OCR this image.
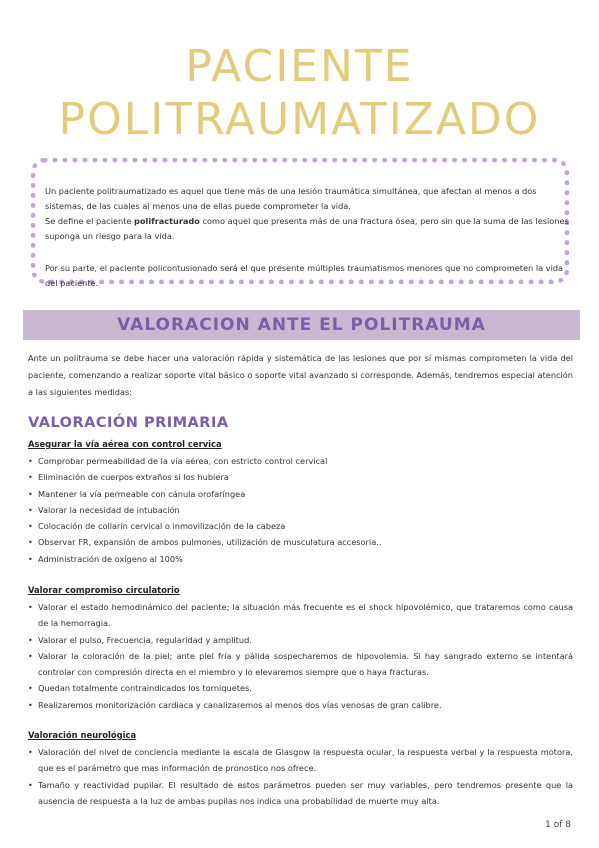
PACIENTE
POLITRAUMATIZADO
Un paciente politraumatizado es aquel que tiene más de una lesión traumática simultánea, que afectan al menos a dos sistemas, de las cuales al menos una de ellas puede comprometer la vida.
Se define el paciente polifracturado como aquel que presenta más de una fractura ósea, pero sin que la suma de las lesiones suponga un riesgo para la vida.
Por su parte, el paciente policontusionado será el que presente múltiples traumatismos menores que no comprometen la vida del paciente.
VALORACION ANTE EL POLITRAUMA
Ante un politrauma se debe hacer una valoración rápida y sistemática de las lesiones que por sí mismas comprometen la vida del paciente, comenzando a realizar soporte vital básico o soporte vital avanzado si corresponde. Además, tendremos especial atención a las siguientes medidas:
VALORACIÓN PRIMARIA
Asegurar la vía aérea con control cervica
• Comprobar permeabilidad de la vía aérea, con estricto control cervical
• Eliminación de cuerpos extraños si los hubiera
• Mantener la vía permeable con cánula orofaríngea
• Valorar la necesidad de intubación
• Colocación de collarín cervical o inmovilización de la cabeza
• Observar FR, expansión de ambos pulmones, utilización de musculatura accesoria..
• Administración de oxígeno al 100%
Valorar compromiso circulatorio
• Valorar el estado hemodinámico del paciente; la situación más frecuente es el shock hipovolémico, que trataremos como causa de la hemorragia.
• Valorar el pulso, Frecuencia, regularidad y amplitud.
• Valorar la coloración de la piel; ante piel fría y pálida sospecharemos de hipovolemia. Si hay sangrado externo se intentará controlar con compresión directa en el miembro y lo elevaremos siempre que o haya fracturas.
• Quedan totalmente contraindicados los torniquetes.
• Realizaremos monitorización cardiaca y canalizaremos al menos dos vías venosas de gran calibre.
Valoración neurológica
• Valoración del nivel de conciencia mediante la escala de Glasgow la respuesta ocular, la respuesta verbal y la respuesta motora, que es el parámetro que mas información de pronostico nos ofrece.
• Tamaño y reactividad pupilar. El resultado de estos parámetros pueden ser muy variables, pero tendremos presente que la ausencia de respuesta a la luz de ambas pupilas nos indica una probabilidad de muerte muy alta.
1 of 8
